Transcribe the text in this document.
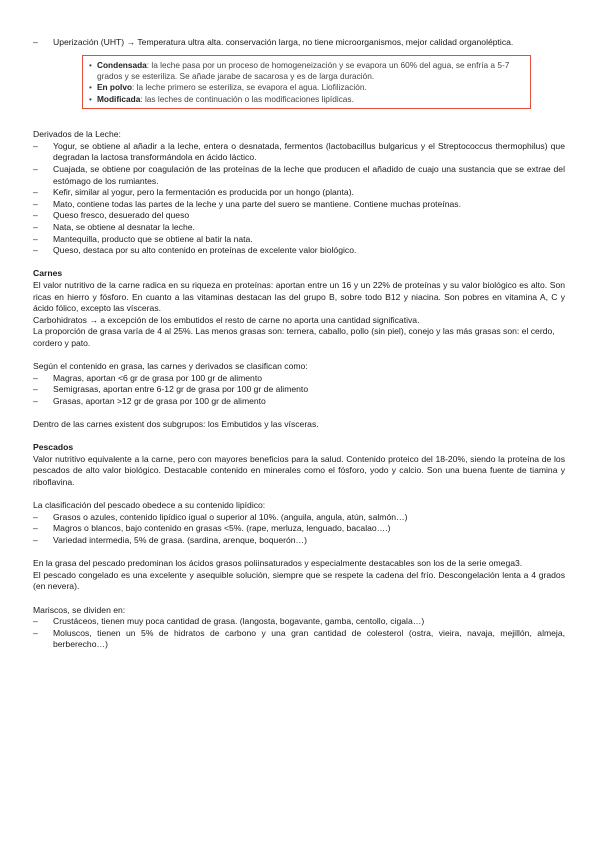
–	Uperización (UHT) → Temperatura ultra alta. conservación larga, no tiene microorganismos, mejor calidad organoléptica.
• Condensada: la leche pasa por un proceso de homogeneización y se evapora un 60% del agua, se enfría a 5-7 grados y se esteriliza. Se añade jarabe de sacarosa y es de larga duración.
• En polvo: la leche primero se esteriliza, se evapora el agua. Liofilización.
• Modificada: las leches de continuación o las modificaciones lipídicas.
Derivados de la Leche:
–	Yogur, se obtiene al añadir a la leche, entera o desnatada, fermentos (lactobacillus bulgaricus y el Streptococcus thermophilus) que degradan la lactosa transformándola en ácido láctico.
–	Cuajada, se obtiene por coagulación de las proteínas de la leche que producen el añadido de cuajo una sustancia que se extrae del estómago de los rumiantes.
–	Kefir, similar al yogur, pero la fermentación es producida por un hongo (planta).
–	Mato, contiene todas las partes de la leche y una parte del suero se mantiene. Contiene muchas proteínas.
–	Queso fresco, desuerado del queso
–	Nata, se obtiene al desnatar la leche.
–	Mantequilla, producto que se obtiene al batir la nata.
–	Queso, destaca por su alto contenido en proteínas de excelente valor biológico.
Carnes
El valor nutritivo de la carne radica en su riqueza en proteínas: aportan entre un 16 y un 22% de proteínas y su valor biológico es alto. Son ricas en hierro y fósforo. En cuanto a las vitaminas destacan las del grupo B, sobre todo B12 y niacina. Son pobres en vitamina A, C y ácido fólico, excepto las vísceras.
Carbohidratos → a excepción de los embutidos el resto de carne no aporta una cantidad significativa.
La proporción de grasa varía de 4 al 25%. Las menos grasas son: ternera, caballo, pollo (sin piel), conejo y las más grasas son: el cerdo, cordero y pato.
Según el contenido en grasa, las carnes y derivados se clasifican como:
–	Magras, aportan <6 gr de grasa por 100 gr de alimento
–	Semigrasas, aportan entre 6-12 gr de grasa por 100 gr de alimento
–	Grasas, aportan >12 gr de grasa por 100 gr de alimento
Dentro de las carnes existent dos subgrupos: los Embutidos y las vísceras.
Pescados
Valor nutritivo equivalente a la carne, pero con mayores beneficios para la salud. Contenido proteico del 18-20%, siendo la proteína de los pescados de alto valor biológico. Destacable contenido en minerales como el fósforo, yodo y calcio. Son una buena fuente de tiamina y riboflavina.
La clasificación del pescado obedece a su contenido lipídico:
–	Grasos o azules, contenido lipídico igual o superior al 10%. (anguila, angula, atún, salmón…)
–	Magros o blancos, bajo contenido en grasas <5%. (rape, merluza, lenguado, bacalao….)
–	Variedad intermedia, 5% de grasa. (sardina, arenque, boquerón…)
En la grasa del pescado predominan los ácidos grasos poliinsaturados y especialmente destacables son los de la serie omega3.
El pescado congelado es una excelente y asequible solución, siempre que se respete la cadena del frío. Descongelación lenta a 4 grados (en nevera).
Mariscos, se dividen en:
–	Crustáceos, tienen muy poca cantidad de grasa. (langosta, bogavante, gamba, centollo, cigala…)
–	Moluscos, tienen un 5% de hidratos de carbono y una gran cantidad de colesterol (ostra, vieira, navaja, mejillón, almeja, berberecho…)
